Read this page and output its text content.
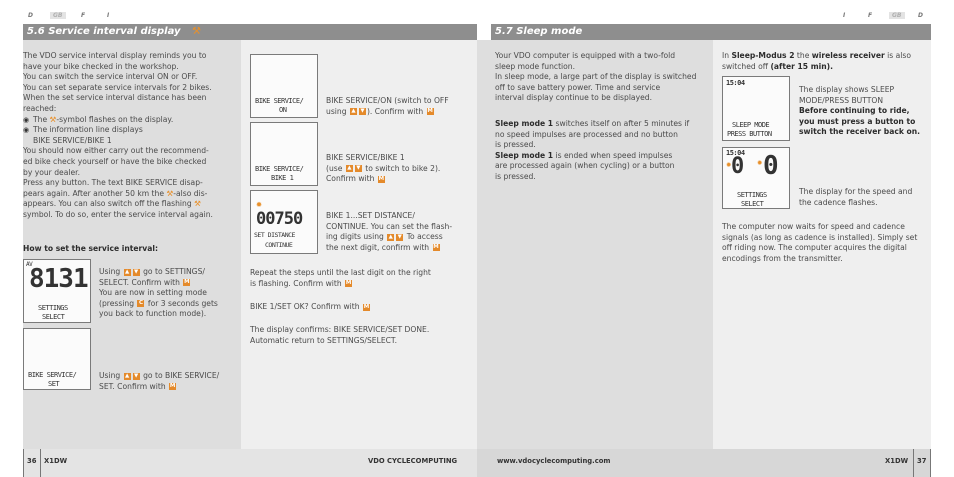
D	GB	F	I	I	F	GB	D
5.6 Service interval display ⚒	5.7 Sleep mode
The VDO service interval display reminds you to
have your bike checked in the workshop.
You can switch the service interval ON or OFF.
You can set separate service intervals for 2 bikes.
When the set service interval distance has been
reached:
◉ The ⚒-symbol flashes on the display.
◉ The information line displays
BIKE SERVICE/BIKE 1
You should now either carry out the recommend-
ed bike check yourself or have the bike checked
by your dealer.
Press any button. The text BIKE SERVICE disap-
pears again. After another 50 km the ⚒-also dis-
appears. You can also switch off the flashing ⚒
symbol. To do so, enter the service interval again.
How to set the service interval:
AV
8131
SETTINGS
SELECT
Using ▲ ▼ go to SETTINGS/
SELECT. Confirm with M
You are now in setting mode
(pressing C for 3 seconds gets
you back to function mode).
BIKE SERVICE/
SET
Using ▲ ▼ go to BIKE SERVICE/
SET. Confirm with M
BIKE SERVICE/
ON
BIKE SERVICE/ON (switch to OFF
using ▲ ▼ ). Confirm with M
BIKE SERVICE/
BIKE 1
BIKE SERVICE/BIKE 1
(use ▲ ▼ to switch to bike 2).
Confirm with M
00750
✹
SET DISTANCE
CONTINUE
BIKE 1...SET DISTANCE/
CONTINUE. You can set the flash-
ing digits using ▲ ▼ To access
the next digit, confirm with M
Repeat the steps until the last digit on the right
is flashing. Confirm with M
BIKE 1/SET OK? Confirm with M
The display confirms: BIKE SERVICE/SET DONE.
Automatic return to SETTINGS/SELECT.
Your VDO computer is equipped with a two-fold
sleep mode function.
In sleep mode, a large part of the display is switched
off to save battery power. Time and service
interval display continue to be displayed.
Sleep mode 1 switches itself on after 5 minutes if
no speed impulses are processed and no button
is pressed.
Sleep mode 1 is ended when speed impulses
are processed again (when cycling) or a button
is pressed.
In Sleep-Modus 2 the wireless receiver is also
switched off (after 15 min).
15:04
SLEEP MODE
PRESS BUTTON
The display shows SLEEP
MODE/PRESS BUTTON
Before continuing to ride,
you must press a button to
switch the receiver back on.
15:04
0 0
✹	✹
SETTINGS
SELECT
The display for the speed and
the cadence flashes.
The computer now waits for speed and cadence
signals (as long as cadence is installed). Simply set
off riding now. The computer acquires the digital
encodings from the transmitter.
36 X1DW	VDO CYCLECOMPUTING	www.vdocyclecomputing.com	X1DW 37
